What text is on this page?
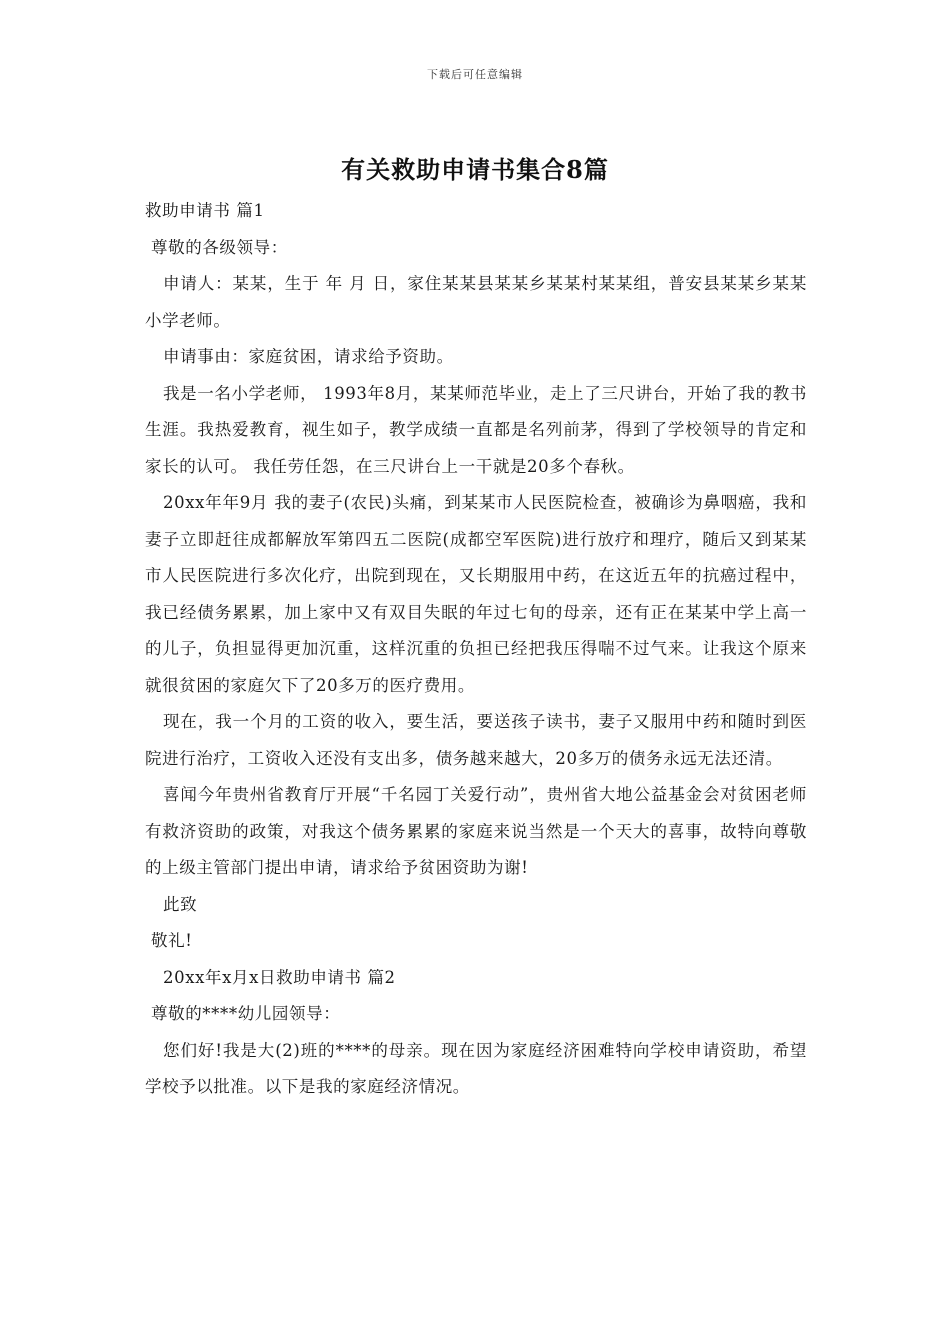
下载后可任意编辑
有关救助申请书集合8篇

救助申请书 篇1

尊敬的各级领导：

申请人：某某，生于 年 月 日，家住某某县某某乡某某村某某组，普安县某某乡某某小学老师。

申请事由：家庭贫困，请求给予资助。

我是一名小学老师， 1993年8月，某某师范毕业，走上了三尺讲台，开始了我的教书生涯。我热爱教育，视生如子，教学成绩一直都是名列前茅，得到了学校领导的肯定和家长的认可。 我任劳任怨，在三尺讲台上一干就是20多个春秋。

20xx年年9月 我的妻子(农民)头痛，到某某市人民医院检查，被确诊为鼻咽癌，我和妻子立即赶往成都解放军第四五二医院(成都空军医院)进行放疗和理疗，随后又到某某市人民医院进行多次化疗，出院到现在，又长期服用中药，在这近五年的抗癌过程中，我已经债务累累，加上家中又有双目失眠的年过七旬的母亲，还有正在某某中学上高一的儿子，负担显得更加沉重，这样沉重的负担已经把我压得喘不过气来。让我这个原来就很贫困的家庭欠下了20多万的医疗费用。

现在，我一个月的工资的收入，要生活，要送孩子读书，妻子又服用中药和随时到医院进行治疗，工资收入还没有支出多，债务越来越大，20多万的债务永远无法还清。

喜闻今年贵州省教育厅开展“千名园丁关爱行动”，贵州省大地公益基金会对贫困老师有救济资助的政策，对我这个债务累累的家庭来说当然是一个天大的喜事，故特向尊敬的上级主管部门提出申请，请求给予贫困资助为谢!

此致

敬礼!

20xx年x月x日救助申请书 篇2

尊敬的****幼儿园领导：

您们好!我是大(2)班的****的母亲。现在因为家庭经济困难特向学校申请资助，希望学校予以批准。以下是我的家庭经济情况。
